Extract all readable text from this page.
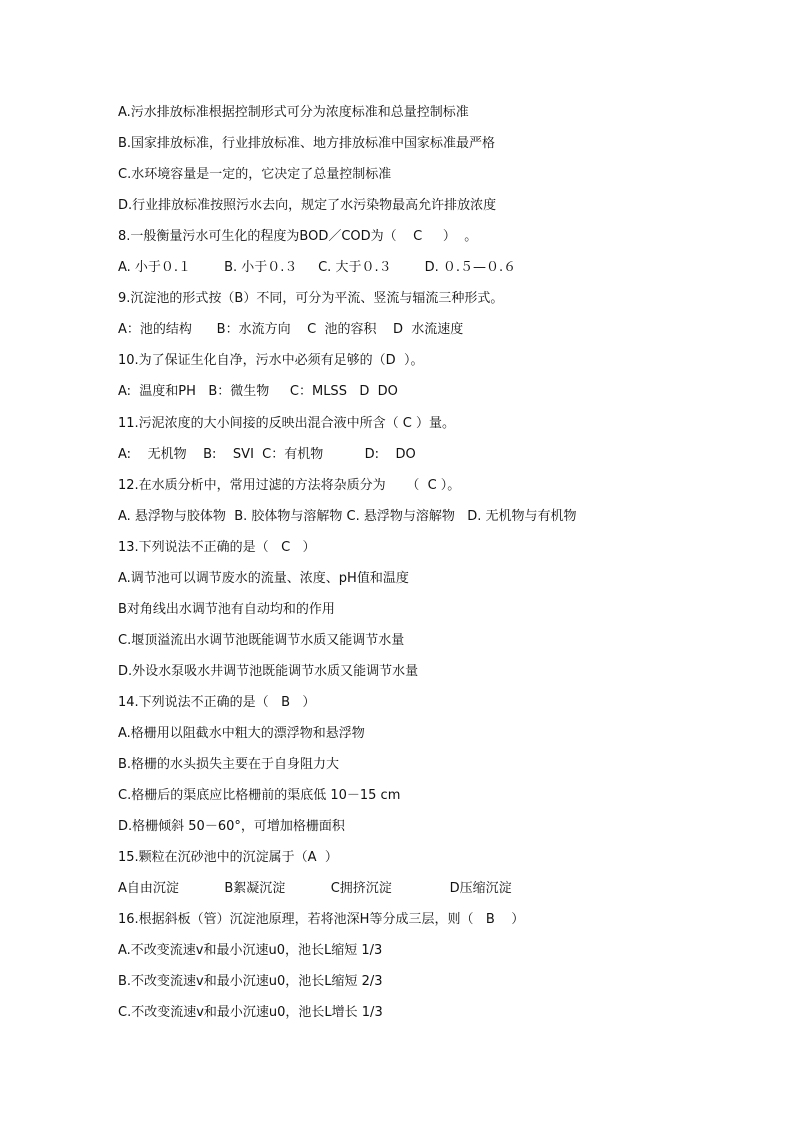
A.污水排放标准根据控制形式可分为浓度标准和总量控制标准
B.国家排放标准，行业排放标准、地方排放标准中国家标准最严格
C.水环境容量是一定的，它决定了总量控制标准
D.行业排放标准按照污水去向，规定了水污染物最高允许排放浓度
8.一般衡量污水可生化的程度为BOD／COD为（    C     ）  。
A. 小于０.１        B. 小于０.３     C. 大于０.３        D. ０.５—０.６
9.沉淀池的形式按（B）不同，可分为平流、竖流与辐流三种形式。
A：池的结构      B：水流方向    C  池的容积    D  水流速度
10.为了保证生化自净，污水中必须有足够的（D  ）。
A:  温度和PH   B：微生物     C：MLSS   D  DO
11.污泥浓度的大小间接的反映出混合液中所含（ C ）量。
A:    无机物    B:    SVI  C：有机物          D:    DO
12.在水质分析中，常用过滤的方法将杂质分为     （  C ）。
A. 悬浮物与胶体物  B. 胶体物与溶解物 C. 悬浮物与溶解物   D. 无机物与有机物
13.下列说法不正确的是（   C   ）
A.调节池可以调节废水的流量、浓度、pH值和温度
B对角线出水调节池有自动均和的作用
C.堰顶溢流出水调节池既能调节水质又能调节水量
D.外设水泵吸水井调节池既能调节水质又能调节水量
14.下列说法不正确的是（   B   ）
A.格栅用以阻截水中粗大的漂浮物和悬浮物
B.格栅的水头损失主要在于自身阻力大
C.格栅后的渠底应比格栅前的渠底低 10－15 cm
D.格栅倾斜 50－60°，可增加格栅面积
15.颗粒在沉砂池中的沉淀属于（A  ）
A自由沉淀           B絮凝沉淀           C拥挤沉淀              D压缩沉淀
16.根据斜板（管）沉淀池原理，若将池深H等分成三层，则（   B    ）
A.不改变流速v和最小沉速u0，池长L缩短 1/3
B.不改变流速v和最小沉速u0，池长L缩短 2/3
C.不改变流速v和最小沉速u0，池长L增长 1/3
